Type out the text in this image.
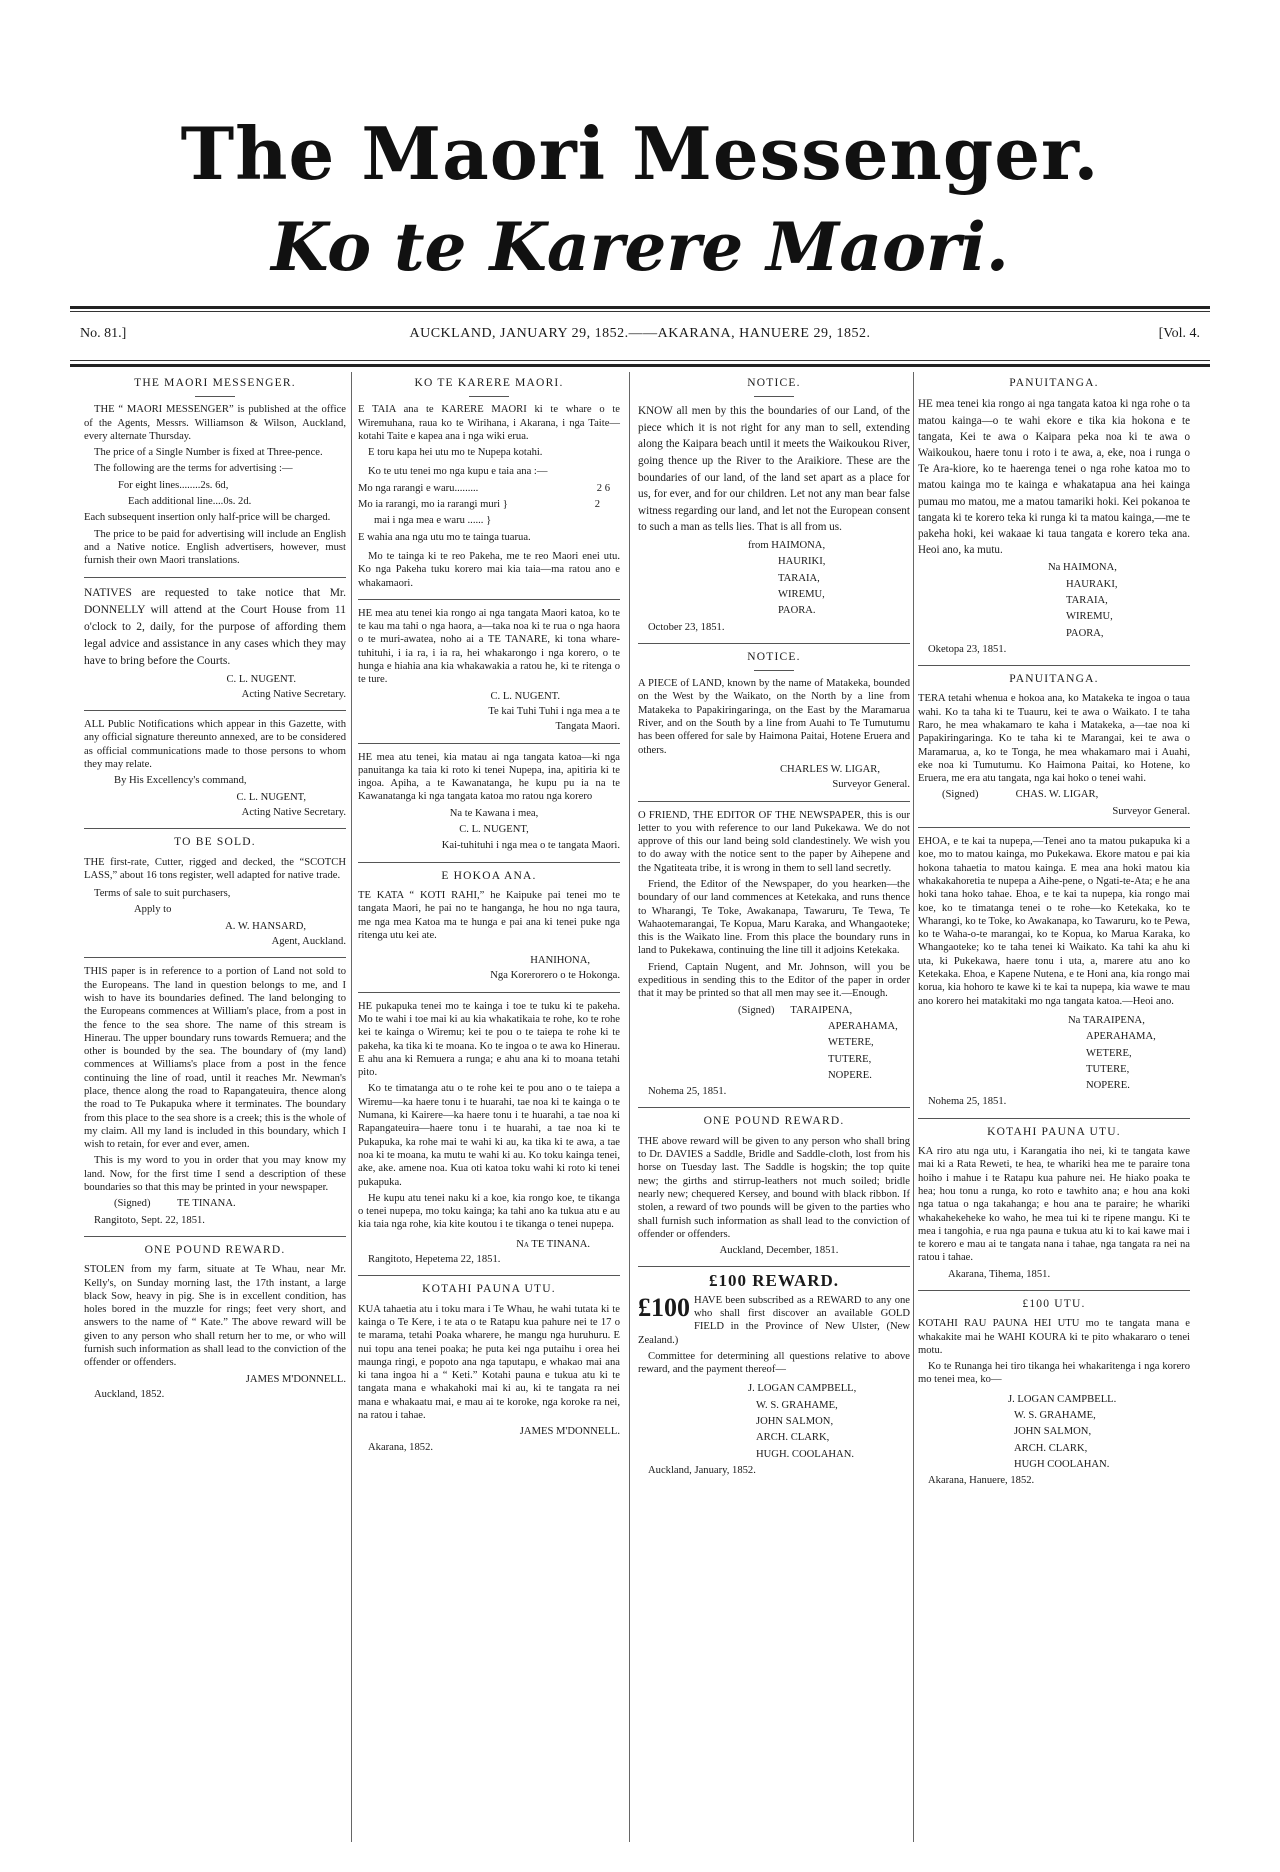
The Maori Messenger.
Ko te Karere Maori.
No. 81.]	AUCKLAND, JANUARY 29, 1852.——AKARANA, HANUERE 29, 1852.	[Vol. 4.
THE MAORI MESSENGER.

THE “ MAORI MESSENGER” is published at the office of the Agents, Messrs. Williamson & Wilson, Auckland, every alternate Thursday.

The price of a Single Number is fixed at Three-pence.

The following are the terms for advertising :—

For eight lines........2s. 6d,

Each additional line....0s. 2d.

Each subsequent insertion only half-price will be charged.

The price to be paid for advertising will include an English and a Native notice. English advertisers, however, must furnish their own Maori translations.

NATIVES are requested to take notice that Mr. DONNELLY will attend at the Court House from 11 o'clock to 2, daily, for the purpose of affording them legal advice and assistance in any cases which they may have to bring before the Courts.

C. L. NUGENT.

Acting Native Secretary.

ALL Public Notifications which appear in this Gazette, with any official signature thereunto annexed, are to be considered as official communications made to those persons to whom they may relate.

By His Excellency's command,

C. L. NUGENT,

Acting Native Secretary.

TO BE SOLD.

THE first-rate, Cutter, rigged and decked, the “SCOTCH LASS,” about 16 tons register, well adapted for native trade.

Terms of sale to suit purchasers,

Apply to

A. W. HANSARD,

Agent, Auckland.

THIS paper is in reference to a portion of Land not sold to the Europeans. The land in question belongs to me, and I wish to have its boundaries defined. The land belonging to the Europeans commences at William's place, from a post in the fence to the sea shore. The name of this stream is Hinerau. The upper boundary runs towards Remuera; and the other is bounded by the sea. The boundary of (my land) commences at Williams's place from a post in the fence continuing the line of road, until it reaches Mr. Newman's place, thence along the road to Rapangateuira, thence along the road to Te Pukapuka where it terminates. The boundary from this place to the sea shore is a creek; this is the whole of my claim. All my land is included in this boundary, which I wish to retain, for ever and ever, amen.

This is my word to you in order that you may know my land. Now, for the first time I send a description of these boundaries so that this may be printed in your newspaper.

(Signed) TE TINANA.

Rangitoto, Sept. 22, 1851.

ONE POUND REWARD.

STOLEN from my farm, situate at Te Whau, near Mr. Kelly's, on Sunday morning last, the 17th instant, a large black Sow, heavy in pig. She is in excellent condition, has holes bored in the muzzle for rings; feet very short, and answers to the name of “ Kate.” The above reward will be given to any person who shall return her to me, or who will furnish such information as shall lead to the conviction of the offender or offenders.

JAMES M'DONNELL.

Auckland, 1852.

KO TE KARERE MAORI.

E TAIA ana te KARERE MAORI ki te whare o te Wiremuhana, raua ko te Wirihana, i Akarana, i nga Taite—kotahi Taite e kapea ana i nga wiki erua.

E toru kapa hei utu mo te Nupepa kotahi.

Ko te utu tenei mo nga kupu e taia ana :—

Mo nga rarangi e waru.........	2 6

Mo ia rarangi, mo ia rarangi muri }	2

mai i nga mea e waru ...... }

E wahia ana nga utu mo te tainga tuarua.

Mo te tainga ki te reo Pakeha, me te reo Maori enei utu. Ko nga Pakeha tuku korero mai kia taia—ma ratou ano e whakamaori.

HE mea atu tenei kia rongo ai nga tangata Maori katoa, ko te te kau ma tahi o nga haora, a—taka noa ki te rua o nga haora o te muri-awatea, noho ai a TE TANARE, ki tona whare-tuhituhi, i ia ra, i ia ra, hei whakarongo i nga korero, o te hunga e hiahia ana kia whakawakia a ratou he, ki te ritenga o te ture.

C. L. NUGENT.

Te kai Tuhi Tuhi i nga mea a te

Tangata Maori.

HE mea atu tenei, kia matau ai nga tangata katoa—ki nga panuitanga ka taia ki roto ki tenei Nupepa, ina, apitiria ki te ingoa. Apiha, a te Kawanatanga, he kupu pu ia na te Kawanatanga ki nga tangata katoa mo ratou nga korero

Na te Kawana i mea,

C. L. NUGENT,

Kai-tuhituhi i nga mea o te tangata Maori.

E HOKOA ANA.

TE KATA “ KOTI RAHI,” he Kaipuke pai tenei mo te tangata Maori, he pai no te hanganga, he hou no nga taura, me nga mea Katoa ma te hunga e pai ana ki tenei puke nga ritenga utu kei ate.

HANIHONA,

Nga Korerorero o te Hokonga.

HE pukapuka tenei mo te kainga i toe te tuku ki te pakeha. Mo te wahi i toe mai ki au kia whakatikaia te rohe, ko te rohe kei te kainga o Wiremu; kei te pou o te taiepa te rohe ki te pakeha, ka tika ki te moana. Ko te ingoa o te awa ko Hinerau. E ahu ana ki Remuera a runga; e ahu ana ki to moana tetahi pito.

Ko te timatanga atu o te rohe kei te pou ano o te taiepa a Wiremu—ka haere tonu i te huarahi, tae noa ki te kainga o te Numana, ki Kairere—ka haere tonu i te huarahi, a tae noa ki Rapangateuira—haere tonu i te huarahi, a tae noa ki te Pukapuka, ka rohe mai te wahi ki au, ka tika ki te awa, a tae noa ki te moana, ka mutu te wahi ki au. Ko toku kainga tenei, ake, ake. amene noa. Kua oti katoa toku wahi ki roto ki tenei pukapuka.

He kupu atu tenei naku ki a koe, kia rongo koe, te tikanga o tenei nupepa, mo toku kainga; ka tahi ano ka tukua atu e au kia taia nga rohe, kia kite koutou i te tikanga o tenei nupepa.

Na TE TINANA.

Rangitoto, Hepetema 22, 1851.

KOTAHI PAUNA UTU.

KUA tahaetia atu i toku mara i Te Whau, he wahi tutata ki te kainga o Te Kere, i te ata o te Ratapu kua pahure nei te 17 o te marama, tetahi Poaka wharere, he mangu nga huruhuru. E nui topu ana tenei poaka; he puta kei nga putaihu i orea hei maunga ringi, e popoto ana nga taputapu, e whakao mai ana ki tana ingoa hi a “ Keti.” Kotahi pauna e tukua atu ki te tangata mana e whakahoki mai ki au, ki te tangata ra nei mana e whakaatu mai, e mau ai te koroke, nga koroke ra nei, na ratou i tahae.

JAMES M'DONNELL.

Akarana, 1852.

NOTICE.

KNOW all men by this the boundaries of our Land, of the piece which it is not right for any man to sell, extending along the Kaipara beach until it meets the Waikoukou River, going thence up the River to the Araikiore. These are the boundaries of our land, of the land set apart as a place for us, for ever, and for our children. Let not any man bear false witness regarding our land, and let not the European consent to such a man as tells lies. That is all from us.

from HAIMONA,

HAURIKI,

TARAIA,

WIREMU,

PAORA.

October 23, 1851.

NOTICE.

A PIECE of LAND, known by the name of Matakeka, bounded on the West by the Waikato, on the North by a line from Matakeka to Papakiringaringa, on the East by the Maramarua River, and on the South by a line from Auahi to Te Tumutumu has been offered for sale by Haimona Paitai, Hotene Eruera and others.

CHARLES W. LIGAR,

Surveyor General.

O FRIEND, THE EDITOR OF THE NEWSPAPER, this is our letter to you with reference to our land Pukekawa. We do not approve of this our land being sold clandestinely. We wish you to do away with the notice sent to the paper by Aihepene and the Ngatiteata tribe, it is wrong in them to sell land secretly.

Friend, the Editor of the Newspaper, do you hearken—the boundary of our land commences at Ketekaka, and runs thence to Wharangi, Te Toke, Awakanapa, Tawaruru, Te Tewa, Te Wahaotemarangai, Te Kopua, Maru Karaka, and Whangaoteke; this is the Waikato line. From this place the boundary runs in land to Pukekawa, continuing the line till it adjoins Ketekaka.

Friend, Captain Nugent, and Mr. Johnson, will you be expeditious in sending this to the Editor of the paper in order that it may be printed so that all men may see it.—Enough.

(Signed) TARAIPENA,

APERAHAMA,

WETERE,

TUTERE,

NOPERE.

Nohema 25, 1851.

ONE POUND REWARD.

THE above reward will be given to any person who shall bring to Dr. DAVIES a Saddle, Bridle and Saddle-cloth, lost from his horse on Tuesday last. The Saddle is hogskin; the top quite new; the girths and stirrup-leathers not much soiled; bridle nearly new; chequered Kersey, and bound with black ribbon. If stolen, a reward of two pounds will be given to the parties who shall furnish such information as shall lead to the conviction of offender or offenders.

Auckland, December, 1851.

£100 REWARD.

£100 HAVE been subscribed as a REWARD to any one who shall first discover an available GOLD FIELD in the Province of New Ulster, (New Zealand.)

Committee for determining all questions relative to above reward, and the payment thereof—

J. LOGAN CAMPBELL,

W. S. GRAHAME,

JOHN SALMON,

ARCH. CLARK,

HUGH. COOLAHAN.

Auckland, January, 1852.

PANUITANGA.

HE mea tenei kia rongo ai nga tangata katoa ki nga rohe o ta matou kainga—o te wahi ekore e tika kia hokona e te tangata, Kei te awa o Kaipara peka noa ki te awa o Waikoukou, haere tonu i roto i te awa, a, eke, noa i runga o Te Ara-kiore, ko te haerenga tenei o nga rohe katoa mo to matou kainga mo te kainga e whakatapua ana hei kainga pumau mo matou, me a matou tamariki hoki. Kei pokanoa te tangata ki te korero teka ki runga ki ta matou kainga,—me te pakeha hoki, kei wakaae ki taua tangata e korero teka ana. Heoi ano, ka mutu.

Na HAIMONA,

HAURAKI,

TARAIA,

WIREMU,

PAORA,

Oketopa 23, 1851.

PANUITANGA.

TERA tetahi whenua e hokoa ana, ko Matakeka te ingoa o taua wahi. Ko ta taha ki te Tuauru, kei te awa o Waikato. I te taha Raro, he mea whakamaro te kaha i Matakeka, a—tae noa ki Papakiringaringa. Ko te taha ki te Marangai, kei te awa o Maramarua, a, ko te Tonga, he mea whakamaro mai i Auahi, eke noa ki Tumutumu. Ko Haimona Paitai, ko Hotene, ko Eruera, me era atu tangata, nga kai hoko o tenei wahi.

(Signed)	CHAS. W. LIGAR,

Surveyor General.

EHOA, e te kai ta nupepa,—Tenei ano ta matou pukapuka ki a koe, mo to matou kainga, mo Pukekawa. Ekore matou e pai kia hokona tahaetia to matou kainga. E mea ana hoki matou kia whakakahoretia te nupepa a Aihe-pene, o Ngati-te-Ata; e he ana hoki tana hoko tahae. Ehoa, e te kai ta nupepa, kia rongo mai koe, ko te timatanga tenei o te rohe—ko Ketekaka, ko te Wharangi, ko te Toke, ko Awakanapa, ko Tawaruru, ko te Pewa, ko te Waha-o-te marangai, ko te Kopua, ko Marua Karaka, ko Whangaoteke; ko te taha tenei ki Waikato. Ka tahi ka ahu ki uta, ki Pukekawa, haere tonu i uta, a, marere atu ano ko Ketekaka. Ehoa, e Kapene Nutena, e te Honi ana, kia rongo mai korua, kia hohoro te kawe ki te kai ta nupepa, kia wawe te mau ano korero hei matakitaki mo nga tangata katoa.—Heoi ano.

Na TARAIPENA,

APERAHAMA,

WETERE,

TUTERE,

NOPERE.

Nohema 25, 1851.

KOTAHI PAUNA UTU.

KA riro atu nga utu, i Karangatia iho nei, ki te tangata kawe mai ki a Rata Reweti, te hea, te whariki hea me te paraire tona hoiho i mahue i te Ratapu kua pahure nei. He hiako poaka te hea; hou tonu a runga, ko roto e tawhito ana; e hou ana koki nga tatua o nga takahanga; e hou ana te paraire; he whariki whakahekeheke ko waho, he mea tui ki te ripene mangu. Ki te mea i tangohia, e rua nga pauna e tukua atu ki to kai kawe mai i te korero e mau ai te tangata nana i tahae, nga tangata ra nei na ratou i tahae.

Akarana, Tihema, 1851.

£100 UTU.

KOTAHI RAU PAUNA HEI UTU mo te tangata mana e whakakite mai he WAHI KOURA ki te pito whakararo o tenei motu.

Ko te Runanga hei tiro tikanga hei whakaritenga i nga korero mo tenei mea, ko—

J. LOGAN CAMPBELL.

W. S. GRAHAME,

JOHN SALMON,

ARCH. CLARK,

HUGH COOLAHAN.

Akarana, Hanuere, 1852.
